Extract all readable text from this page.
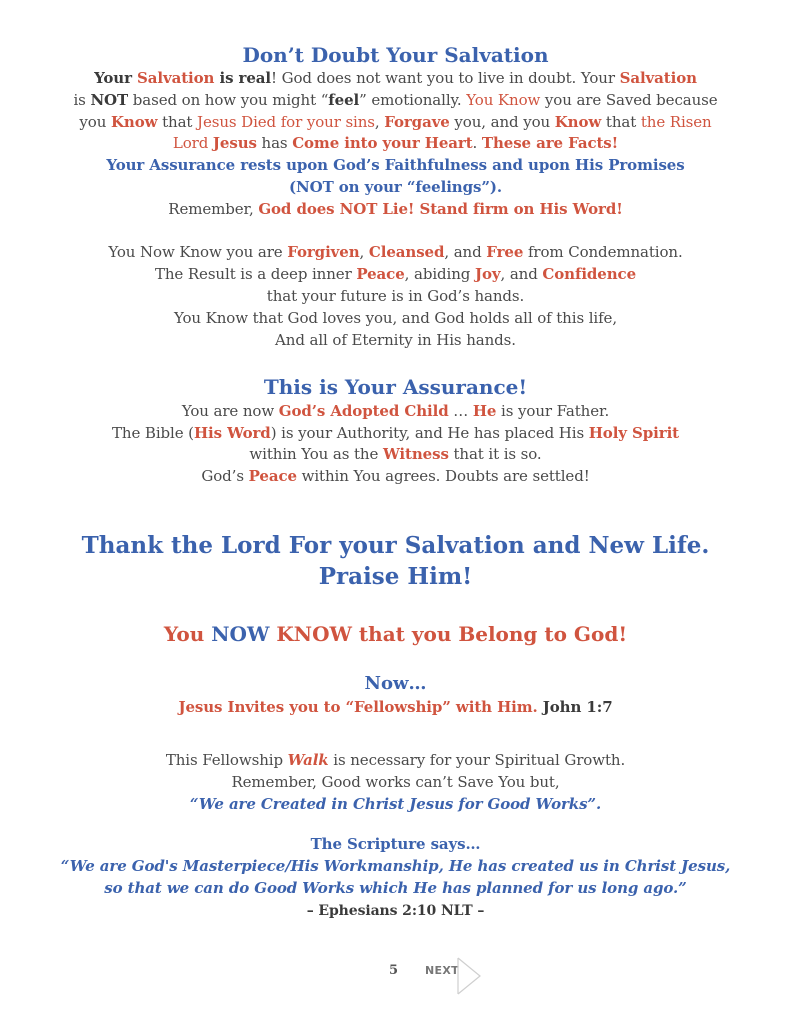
Don’t Doubt Your Salvation
Your Salvation is real! God does not want you to live in doubt. Your Salvation
is NOT based on how you might “feel” emotionally. You Know you are Saved because
you Know that Jesus Died for your sins, Forgave you, and you Know that the Risen
Lord Jesus has Come into your Heart. These are Facts!
Your Assurance rests upon God’s Faithfulness and upon His Promises
(NOT on your “feelings”).
Remember, God does NOT Lie! Stand firm on His Word!
You Now Know you are Forgiven, Cleansed, and Free from Condemnation.
The Result is a deep inner Peace, abiding Joy, and Confidence
that your future is in God’s hands.
You Know that God loves you, and God holds all of this life,
And all of Eternity in His hands.
This is Your Assurance!
You are now God’s Adopted Child … He is your Father.
The Bible (His Word) is your Authority, and He has placed His Holy Spirit
within You as the Witness that it is so.
God’s Peace within You agrees. Doubts are settled!
Thank the Lord For your Salvation and New Life.
Praise Him!
You NOW KNOW that you Belong to God!
Now…
Jesus Invites you to “Fellowship” with Him. John 1:7
This Fellowship Walk is necessary for your Spiritual Growth.
Remember, Good works can’t Save You but,
“We are Created in Christ Jesus for Good Works”.
The Scripture says…
“We are God's Masterpiece/His Workmanship, He has created us in Christ Jesus,
so that we can do Good Works which He has planned for us long ago.”
– Ephesians 2:10 NLT –
5 NEXT
